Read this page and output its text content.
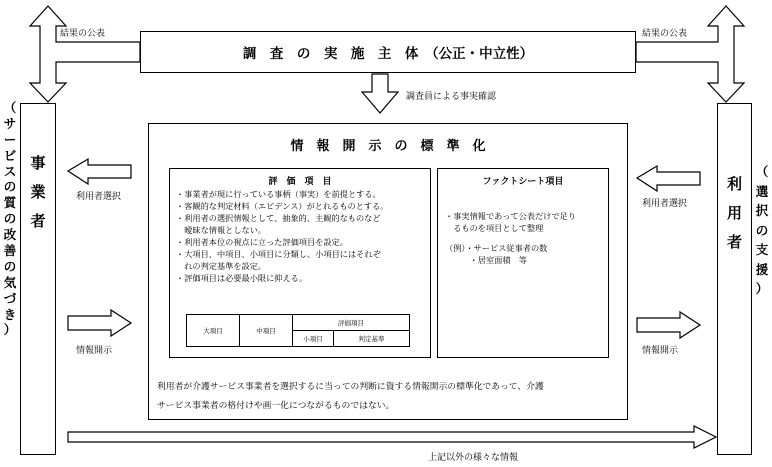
調　査　の　実　施　主　体　（公正・中立性）
結果の公表	結果の公表
調査員による事実確認
（
サ
ー
ビ
ス
の
質
の
改
善
の
気
づ
き
）
事
業
者
利用者選択
情報開示
利
用
者
（
選
択
の
支
援
）
利用者選択
情報開示
情　報　開　示　の　標　準　化
評　価　項　目
・事業者が現に行っている事柄（事実）を前提とする。
・客観的な判定材料（エビデンス）がとれるものとする。
・利用者の選択情報として、抽象的、主観的なものなど
　曖昧な情報としない。
・利用者本位の視点に立った評価項目を設定。
・大項目、中項目、小項目に分類し、小項目にはそれぞ
　れの判定基準を設定。
・評価項目は必要最小限に抑える。
大項目	中項目	評価項目	
		小項目	判定基準
ファクトシート項目
・事実情報であって公表だけで足り
　るものを項目として整理
（例）・サービス従事者の数
　　　・居室面積　等
利用者が介護サービス事業者を選択するに当っての判断に資する情報開示の標準化であって、介護
サービス事業者の格付けや画一化につながるものではない。
上記以外の様々な情報
